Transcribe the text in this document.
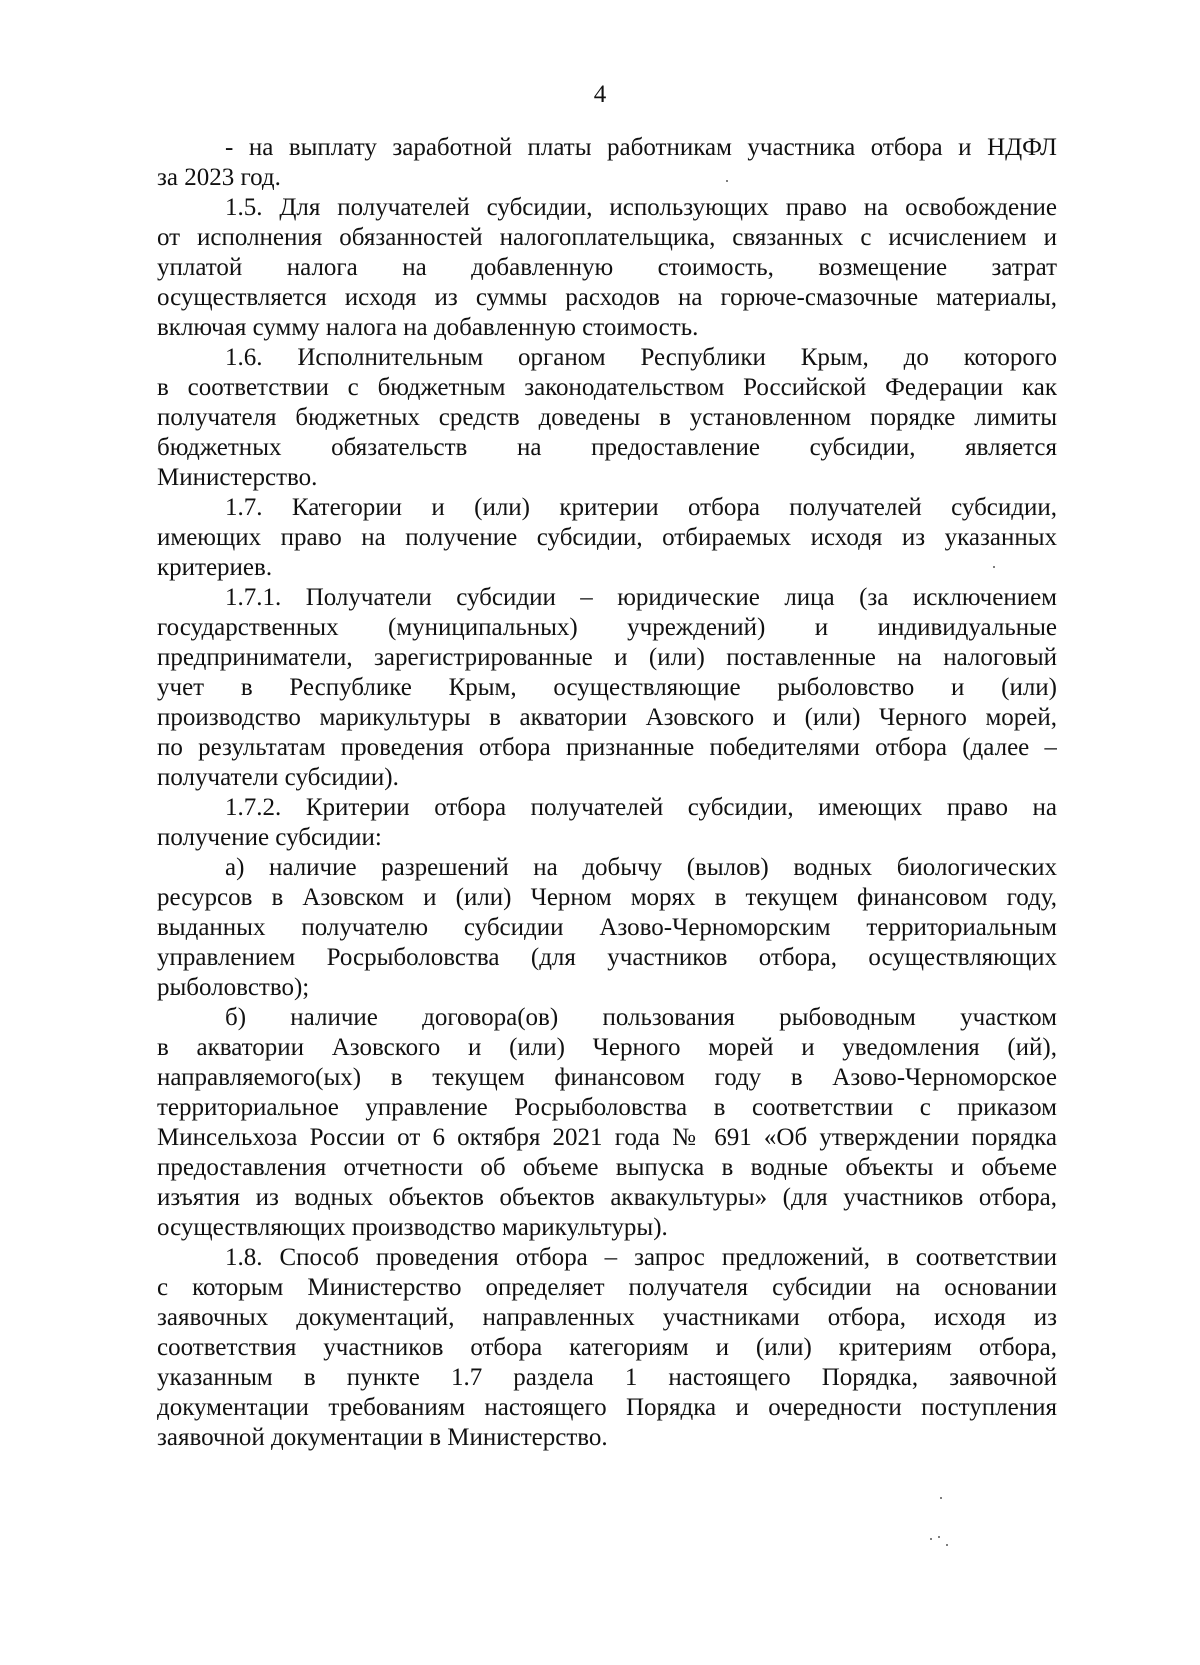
4
- на выплату заработной платы работникам участника отбора и НДФЛ
за 2023 год.
1.5. Для получателей субсидии, использующих право на освобождение
от исполнения обязанностей налогоплательщика, связанных с исчислением и
уплатой налога на добавленную стоимость, возмещение затрат
осуществляется исходя из суммы расходов на горюче-смазочные материалы,
включая сумму налога на добавленную стоимость.
1.6. Исполнительным органом Республики Крым, до которого
в соответствии с бюджетным законодательством Российской Федерации как
получателя бюджетных средств доведены в установленном порядке лимиты
бюджетных обязательств на предоставление субсидии, является
Министерство.
1.7. Категории и (или) критерии отбора получателей субсидии,
имеющих право на получение субсидии, отбираемых исходя из указанных
критериев.
1.7.1. Получатели субсидии – юридические лица (за исключением
государственных (муниципальных) учреждений) и индивидуальные
предприниматели, зарегистрированные и (или) поставленные на налоговый
учет в Республике Крым, осуществляющие рыболовство и (или)
производство марикультуры в акватории Азовского и (или) Черного морей,
по результатам проведения отбора признанные победителями отбора (далее –
получатели субсидии).
1.7.2. Критерии отбора получателей субсидии, имеющих право на
получение субсидии:
а) наличие разрешений на добычу (вылов) водных биологических
ресурсов в Азовском и (или) Черном морях в текущем финансовом году,
выданных получателю субсидии Азово-Черноморским территориальным
управлением Росрыболовства (для участников отбора, осуществляющих
рыболовство);
б) наличие договора(ов) пользования рыбоводным участком
в акватории Азовского и (или) Черного морей и уведомления (ий),
направляемого(ых) в текущем финансовом году в Азово-Черноморское
территориальное управление Росрыболовства в соответствии с приказом
Минсельхоза России от 6 октября 2021 года № 691 «Об утверждении порядка
предоставления отчетности об объеме выпуска в водные объекты и объеме
изъятия из водных объектов объектов аквакультуры» (для участников отбора,
осуществляющих производство марикультуры).
1.8. Способ проведения отбора – запрос предложений, в соответствии
с которым Министерство определяет получателя субсидии на основании
заявочных документаций, направленных участниками отбора, исходя из
соответствия участников отбора категориям и (или) критериям отбора,
указанным в пункте 1.7 раздела 1 настоящего Порядка, заявочной
документации требованиям настоящего Порядка и очередности поступления
заявочной документации в Министерство.
